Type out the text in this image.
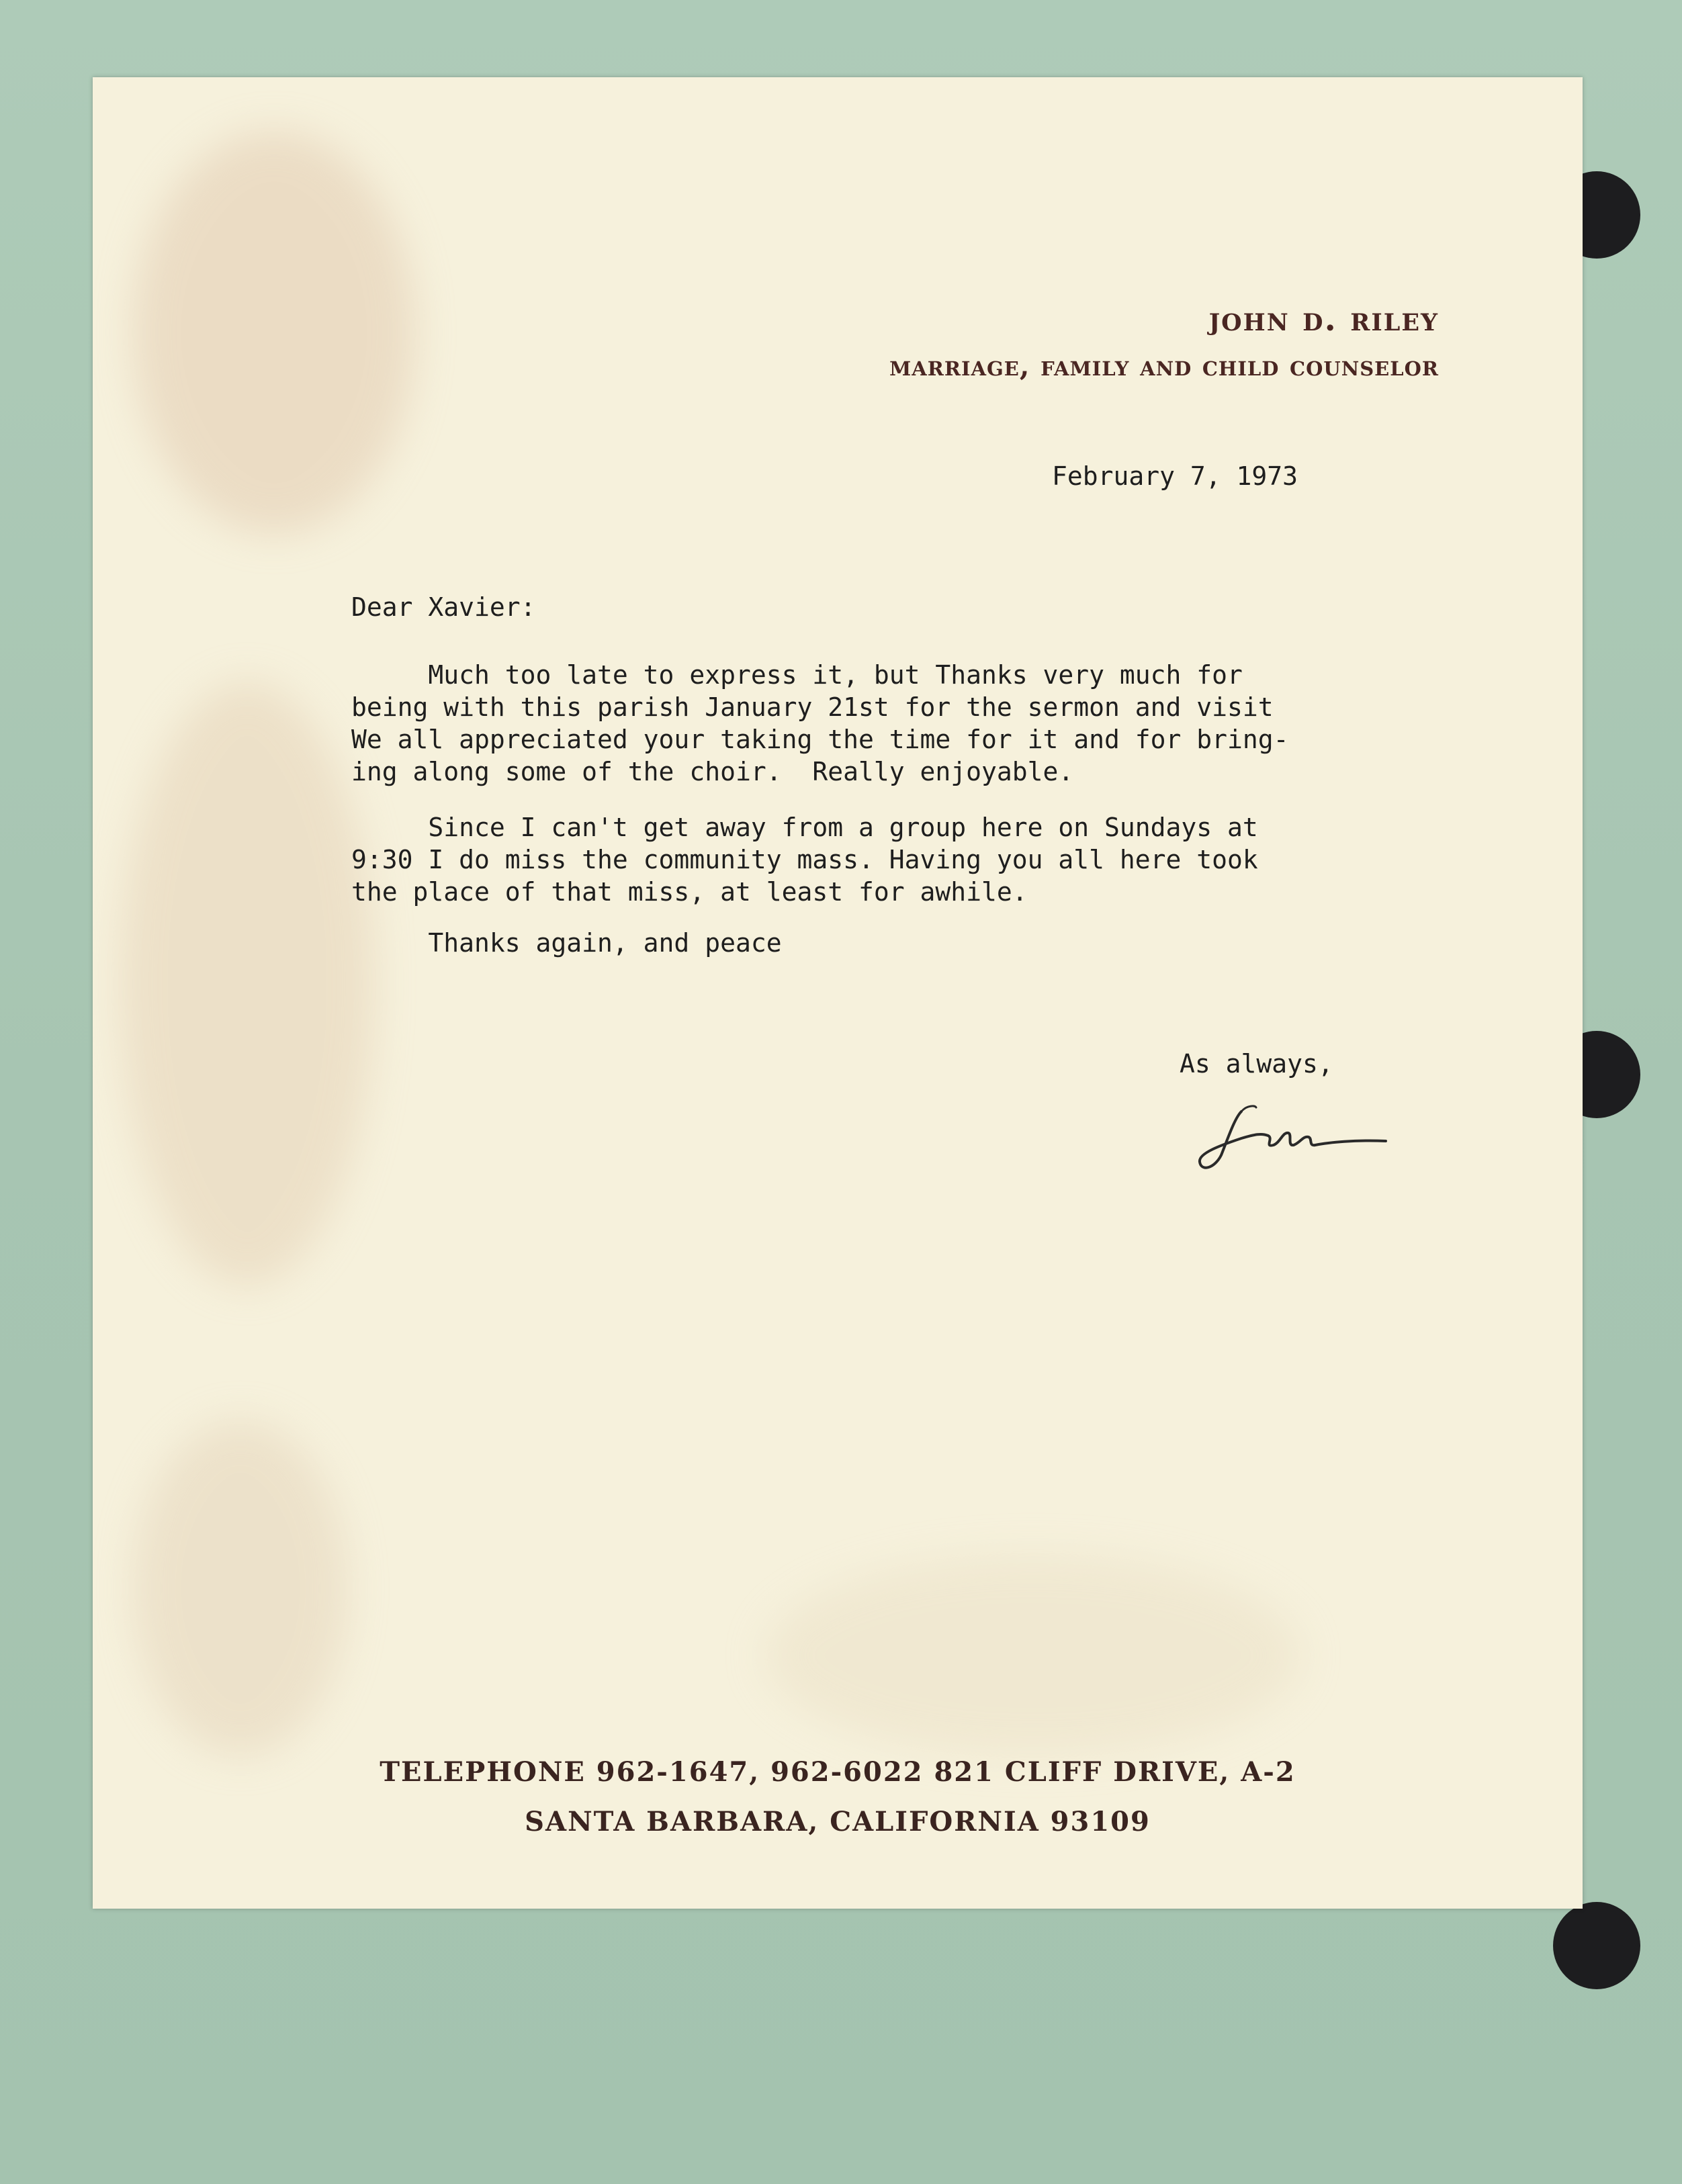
john d. riley
marriage, family and child counselor
February 7, 1973
Dear Xavier:
Much too late to express it, but Thanks very much for
being with this parish January 21st for the sermon and visit
We all appreciated your taking the time for it and for bring-
ing along some of the choir.  Really enjoyable.
Since I can't get away from a group here on Sundays at
9:30 I do miss the community mass. Having you all here took
the place of that miss, at least for awhile.
Thanks again, and peace
As always,
TELEPHONE 962-1647, 962-6022 821 CLIFF DRIVE, A-2
SANTA BARBARA, CALIFORNIA 93109
